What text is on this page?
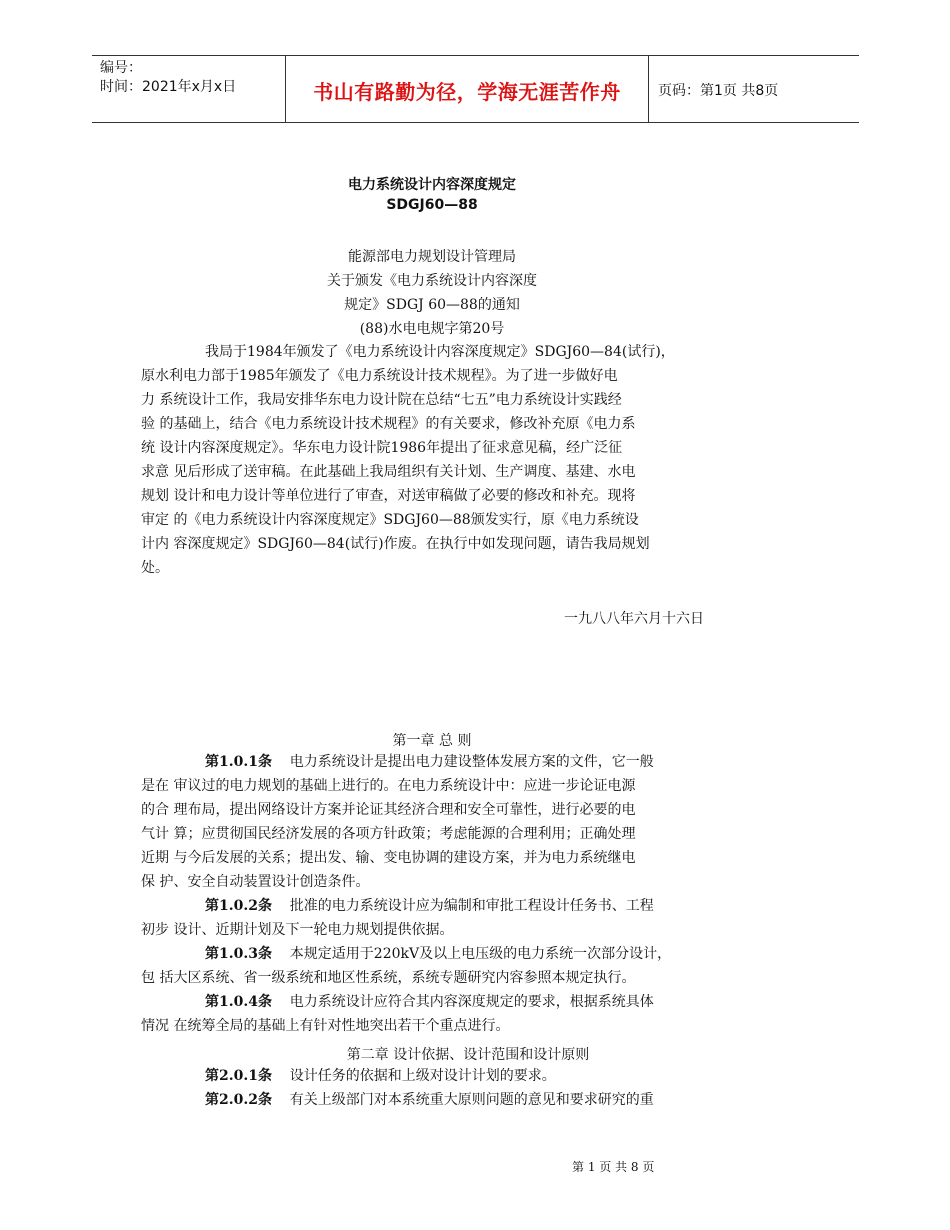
编号：
时间：2021年x月x日	书山有路勤为径，学海无涯苦作舟	页码：第1页 共8页
电力系统设计内容深度规定
SDGJ60—88
能源部电力规划设计管理局
关于颁发《电力系统设计内容深度
规定》SDGJ 60—88的通知
(88)水电电规字第20号
我局于1984年颁发了《电力系统设计内容深度规定》SDGJ60—84(试行)，
原水利电力部于1985年颁发了《电力系统设计技术规程》。为了进一步做好电
力 系统设计工作，我局安排华东电力设计院在总结“七五”电力系统设计实践经
验 的基础上，结合《电力系统设计技术规程》的有关要求，修改补充原《电力系
统 设计内容深度规定》。华东电力设计院1986年提出了征求意见稿，经广泛征
求意 见后形成了送审稿。在此基础上我局组织有关计划、生产调度、基建、水电
规划 设计和电力设计等单位进行了审查，对送审稿做了必要的修改和补充。现将
审定 的《电力系统设计内容深度规定》SDGJ60—88颁发实行，原《电力系统设
计内 容深度规定》SDGJ60—84(试行)作废。在执行中如发现问题，请告我局规划
处。
一九八八年六月十六日
第一章 总 则
第1.0.1条 电力系统设计是提出电力建设整体发展方案的文件，它一般
是在 审议过的电力规划的基础上进行的。在电力系统设计中：应进一步论证电源
的合 理布局，提出网络设计方案并论证其经济合理和安全可靠性，进行必要的电
气计 算；应贯彻国民经济发展的各项方针政策；考虑能源的合理利用；正确处理
近期 与今后发展的关系；提出发、输、变电协调的建设方案，并为电力系统继电
保 护、安全自动装置设计创造条件。
第1.0.2条 批准的电力系统设计应为编制和审批工程设计任务书、工程
初步 设计、近期计划及下一轮电力规划提供依据。
第1.0.3条 本规定适用于220kV及以上电压级的电力系统一次部分设计，
包 括大区系统、省一级系统和地区性系统，系统专题研究内容参照本规定执行。
第1.0.4条 电力系统设计应符合其内容深度规定的要求，根据系统具体
情况 在统筹全局的基础上有针对性地突出若干个重点进行。
第二章 设计依据、设计范围和设计原则
第2.0.1条 设计任务的依据和上级对设计计划的要求。
第2.0.2条 有关上级部门对本系统重大原则问题的意见和要求研究的重
第 1 页 共 8 页
